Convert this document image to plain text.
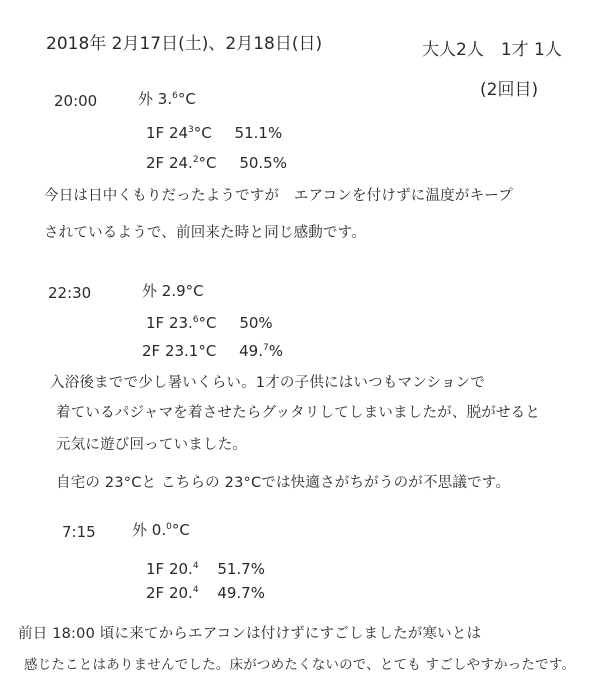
2018年 2月17日(土)、2月18日(日)	大人2人　1才 1人
(2回目)
20:00	外 3.$^6$°C
1F $24^3^\circ C$ 51.1%
2F 24.$^2$°C 50.5%
今日は日中くもりだったようですが　エアコンを付けずに温度がキープ
されているようで、前回来た時と同じ感動です。
22:30	外 2.9°C
1F 23.$^6$°C 50%
2F 23.1°C 49.$^7$%
入浴後までで少し暑いくらい。1才の子供にはいつもマンションで
着ているパジャマを着させたらグッタリしてしまいましたが、脱がせると
元気に遊び回っていました。
自宅の 23°Cと こちらの 23°Cでは快適さがちがうのが不思議です。
7:15 外 0.$^0$°C
1F 20.$^4$ 51.7%
2F 20.$^4$ 49.7%
前日 18:00 頃に来てからエアコンは付けずにすごしましたが寒いとは
感じたことはありませんでした。床がつめたくないので、とても すごしやすかったです。
